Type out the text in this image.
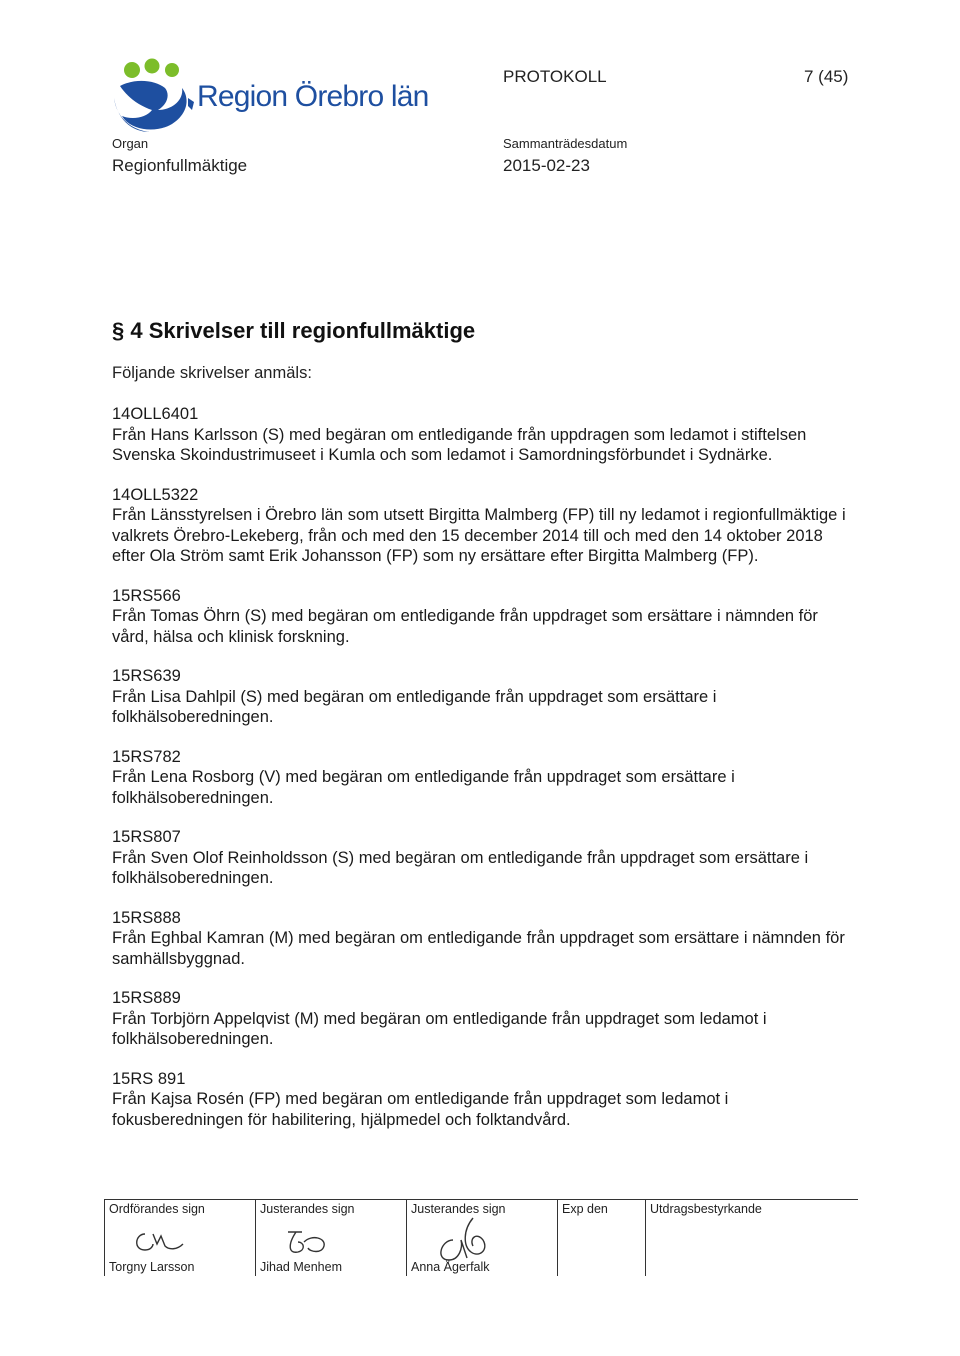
Region Örebro län
PROTOKOLL	7 (45)
Organ
Regionfullmäktige
Sammanträdesdatum
2015-02-23
§ 4 Skrivelser till regionfullmäktige
Följande skrivelser anmäls:
14OLL6401
Från Hans Karlsson (S) med begäran om entledigande från uppdragen som ledamot i stiftelsen Svenska Skoindustrimuseet i Kumla och som ledamot i Samordningsförbundet i Sydnärke.
14OLL5322
Från Länsstyrelsen i Örebro län som utsett Birgitta Malmberg (FP) till ny ledamot i regionfullmäktige i valkrets Örebro-Lekeberg, från och med den 15 december 2014 till och med den 14 oktober 2018 efter Ola Ström samt Erik Johansson (FP) som ny ersättare efter Birgitta Malmberg (FP).
15RS566
Från Tomas Öhrn (S) med begäran om entledigande från uppdraget som ersättare i nämnden för vård, hälsa och klinisk forskning.
15RS639
Från Lisa Dahlpil (S) med begäran om entledigande från uppdraget som ersättare i folkhälsoberedningen.
15RS782
Från Lena Rosborg (V) med begäran om entledigande från uppdraget som ersättare i folkhälsoberedningen.
15RS807
Från Sven Olof Reinholdsson (S) med begäran om entledigande från uppdraget som ersättare i folkhälsoberedningen.
15RS888
Från Eghbal Kamran (M) med begäran om entledigande från uppdraget som ersättare i nämnden för samhällsbyggnad.
15RS889
Från Torbjörn Appelqvist (M) med begäran om entledigande från uppdraget som ledamot i folkhälsoberedningen.
15RS 891
Från Kajsa Rosén (FP) med begäran om entledigande från uppdraget som ledamot i fokusberedningen för habilitering, hjälpmedel och folktandvård.
Ordförandes sign
Torgny Larsson
Justerandes sign
Jihad Menhem
Justerandes sign
Anna Ågerfalk
Exp den	Utdragsbestyrkande
